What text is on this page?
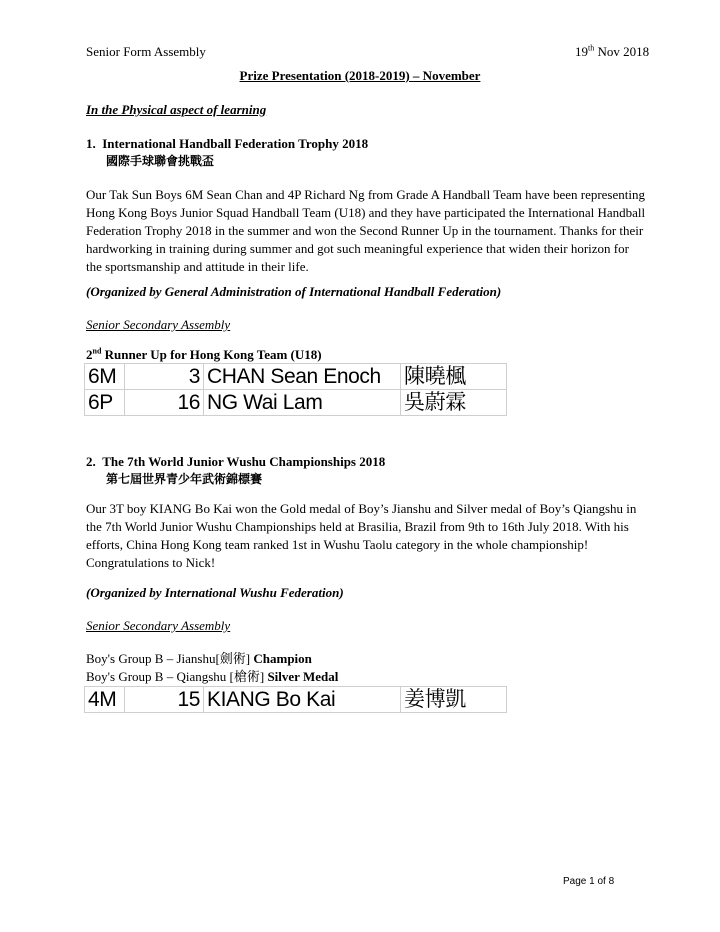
Senior Form Assembly	19th Nov 2018
Prize Presentation (2018-2019) – November
In the Physical aspect of learning
1.  International Handball Federation Trophy 2018
國際手球聯會挑戰盃
Our Tak Sun Boys 6M Sean Chan and 4P Richard Ng from Grade A Handball Team have been representing Hong Kong Boys Junior Squad Handball Team (U18) and they have participated the International Handball Federation Trophy 2018 in the summer and won the Second Runner Up in the tournament. Thanks for their hardworking in training during summer and got such meaningful experience that widen their horizon for the sportsmanship and attitude in their life.
(Organized by General Administration of International Handball Federation)
Senior Secondary Assembly
2nd Runner Up for Hong Kong Team (U18)
6M	3	CHAN Sean Enoch	陳曉楓
6P	16	NG Wai Lam	吳蔚霖
2.  The 7th World Junior Wushu Championships 2018
第七屆世界青少年武術錦標賽
Our 3T boy KIANG Bo Kai won the Gold medal of Boy’s Jianshu and Silver medal of Boy’s Qiangshu in the 7th World Junior Wushu Championships held at Brasilia, Brazil from 9th to 16th July 2018. With his efforts, China Hong Kong team ranked 1st in Wushu Taolu category in the whole championship! Congratulations to Nick!
(Organized by International Wushu Federation)
Senior Secondary Assembly
Boy's Group B – Jianshu[劍術] Champion
Boy's Group B – Qiangshu [槍術] Silver Medal
4M	15	KIANG Bo Kai	姜博凱
Page 1 of 8
